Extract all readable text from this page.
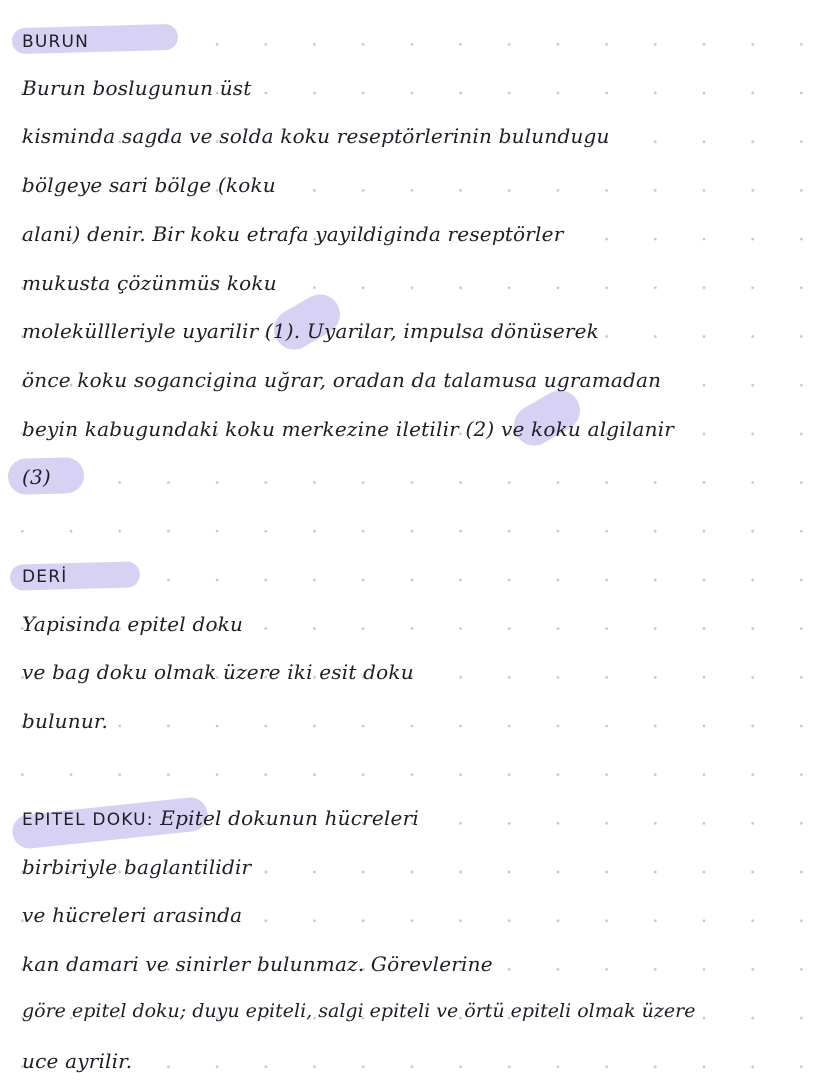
BURUN
Burun boslugunun üst
kisminda sagda ve solda koku reseptörlerinin bulundugu
bölgeye sari bölge (koku
alani) denir. Bir koku etrafa yayildiginda reseptörler
mukusta çözünmüs koku
moleküllleriyle uyarilir (1). Uyarilar, impulsa dönüserek
önce koku sogancigina uğrar, oradan da talamusa ugramadan
beyin kabugundaki koku merkezine iletilir (2) ve koku algilanir
(3)
DERİ
Yapisinda epitel doku
ve bag doku olmak üzere iki esit doku
bulunur.
EPITEL DOKU: Epitel dokunun hücreleri
birbiriyle baglantilidir
ve hücreleri arasinda
kan damari ve sinirler bulunmaz. Görevlerine
göre epitel doku; duyu epiteli, salgi epiteli ve örtü epiteli olmak üzere
uce ayrilir.
